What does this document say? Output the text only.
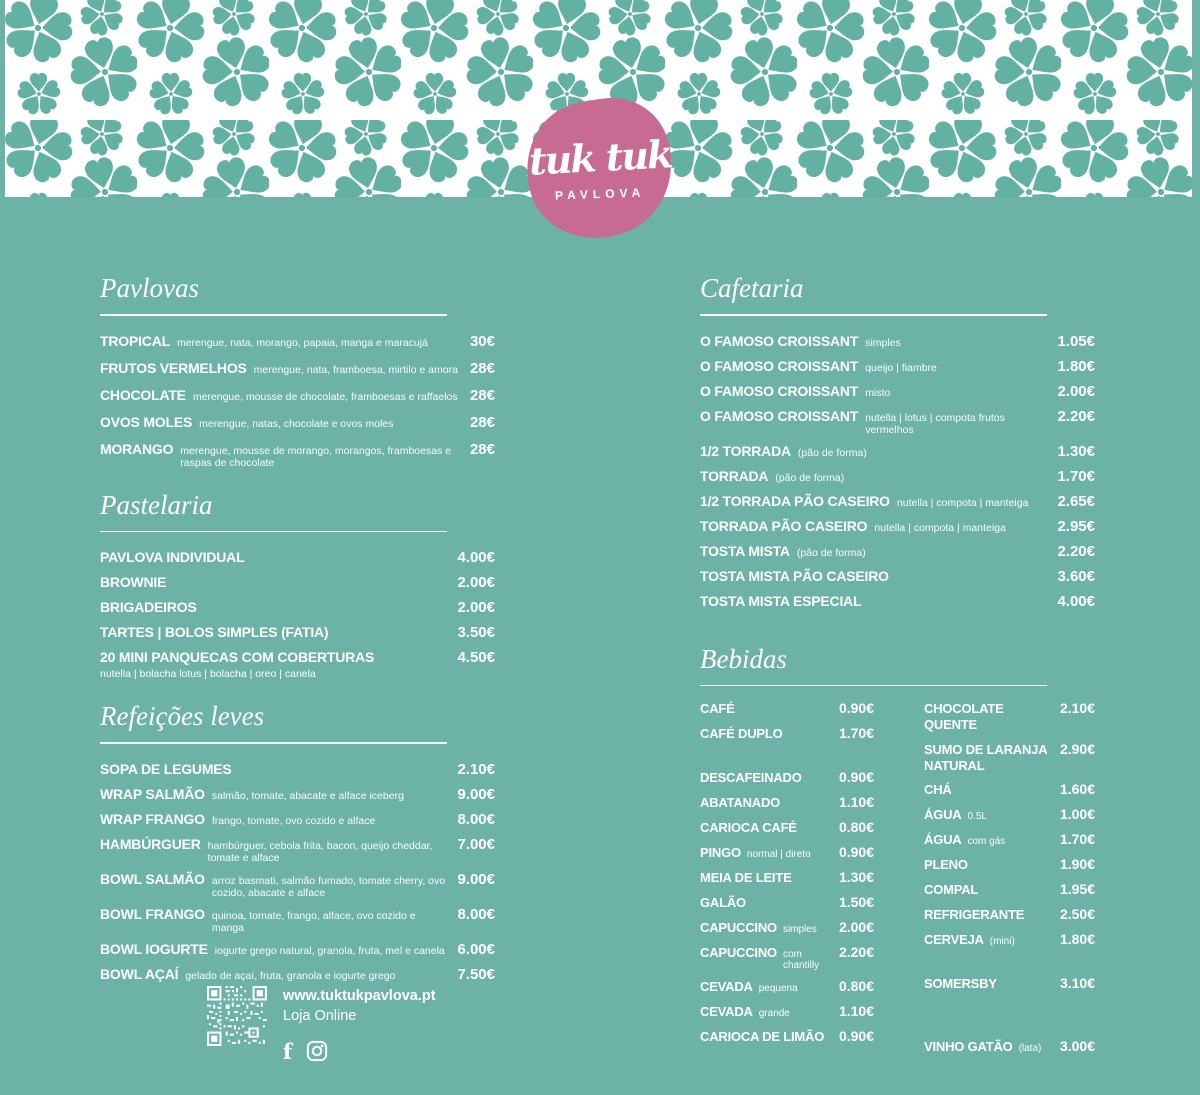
tuk tuk
PAVLOVA
Pavlovas
TROPICAL merengue, nata, morango, papaia, manga e maracujá	30€
FRUTOS VERMELHOS merengue, nata, framboesa, mirtilo e amora 28€
CHOCOLATE merengue, mousse de chocolate, framboesas e raffaelos 28€
OVOS MOLES merengue, natas, chocolate e ovos moles	28€
MORANGO merengue, mousse de morango, morangos, framboesas e raspas de chocolate
28€
Pastelaria
PAVLOVA INDIVIDUAL	4.00€
BROWNIE	2.00€
BRIGADEIROS	2.00€
TARTES | BOLOS SIMPLES (FATIA)	3.50€
20 MINI PANQUECAS COM COBERTURAS	4.50€
nutella | bolacha lotus | bolacha | oreo | canela
Refeições leves
SOPA DE LEGUMES	2.10€
WRAP SALMÃO salmão, tomate, abacate e alface iceberg	9.00€
WRAP FRANGO frango, tomate, ovo cozido e alface	8.00€
HAMBÚRGUER hambúrguer, cebola frita, bacon, queijo cheddar, tomate e alface
7.00€
BOWL SALMÃO arroz basmati, salmão fumado, tomate cherry, ovo cozido, abacate e alface
9.00€
BOWL FRANGO quinoa, tomate, frango, alface, ovo cozido e manga
8.00€
BOWL IOGURTE iogurte grego natural, granola, fruta, mel e canela 6.00€
BOWL AÇAÍ gelado de açaí, fruta, granola e iogurte grego	7.50€
Cafetaria
O FAMOSO CROISSANT simples	1.05€
O FAMOSO CROISSANT queijo | fiambre	1.80€
O FAMOSO CROISSANT misto	2.00€
O FAMOSO CROISSANT nutella | lotus | compota frutos vermelhos
2.20€
1/2 TORRADA (pão de forma)	1.30€
TORRADA (pão de forma)	1.70€
1/2 TORRADA PÃO CASEIRO nutella | compota | manteiga	2.65€
TORRADA PÃO CASEIRO nutella | compota | manteiga	2.95€
TOSTA MISTA (pão de forma)	2.20€
TOSTA MISTA PÃO CASEIRO	3.60€
TOSTA MISTA ESPECIAL	4.00€
Bebidas
CAFÉ	0.90€
CAFÉ DUPLO	1.70€
DESCAFEINADO	0.90€
ABATANADO	1.10€
CARIOCA CAFÉ	0.80€
PINGO normal | direto	0.90€
MEIA DE LEITE	1.30€
GALÃO	1.50€
CAPUCCINO simples	2.00€
CAPUCCINO com chantilly
2.20€
CEVADA pequena	0.80€
CEVADA grande	1.10€
CARIOCA DE LIMÃO	0.90€
CHOCOLATE QUENTE
2.10€
SUMO DE LARANJA NATURAL
2.90€
CHÁ	1.60€
ÁGUA 0.5L	1.00€
ÁGUA com gás	1.70€
PLENO	1.90€
COMPAL	1.95€
REFRIGERANTE	2.50€
CERVEJA (mini)	1.80€
SOMERSBY	3.10€
VINHO GATÃO (lata)	3.00€
www.tuktukpavlova.pt
Loja Online
f
